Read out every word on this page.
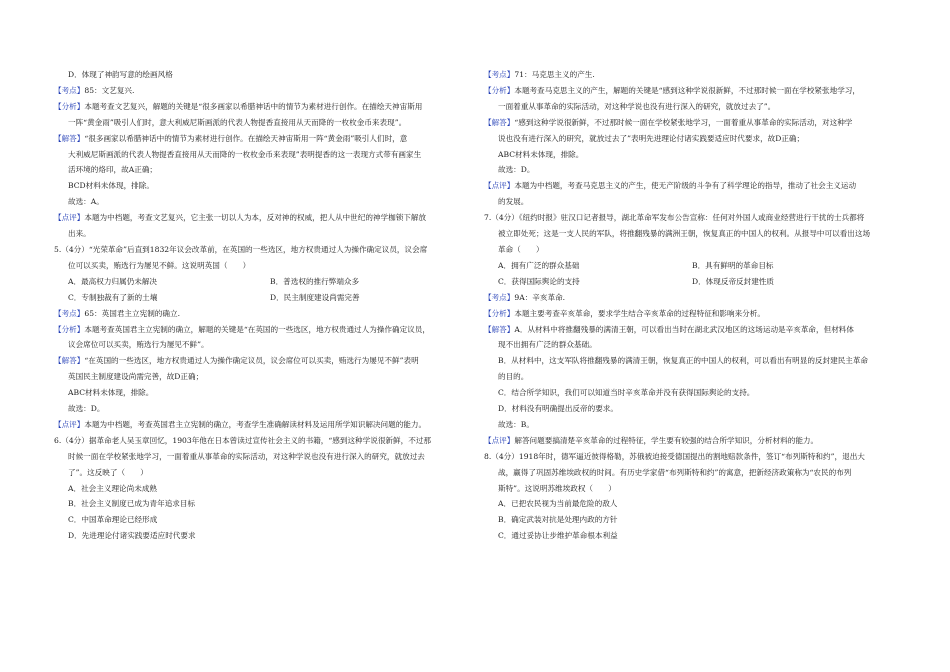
D．体现了神韵写意的绘画风格
【考点】85：文艺复兴.
【分析】本题考查文艺复兴，解题的关键是“很多画家以希腊神话中的情节为素材进行创作。在描绘天神宙斯用
一阵“黄金雨”吸引人们时，意大利威尼斯画派的代表人物提香直接用从天而降的一枚枚金币来表现”。
【解答】“很多画家以希腊神话中的情节为素材进行创作。在描绘天神宙斯用一阵“黄金雨”吸引人们时，意
大利威尼斯画派的代表人物提香直接用从天而降的一枚枚金币来表现”表明提香的这一表现方式带有画家生
活环境的烙印，故A正确；
BCD材料未体现，排除。
故选：A。
【点评】本题为中档题，考查文艺复兴，它主张一切以人为本，反对神的权威，把人从中世纪的神学枷锁下解放
出来。
5.（4分）“光荣革命”后直到1832年议会改革前，在英国的一些选区，地方权贵通过人为操作确定议员，议会席
位可以买卖，贿选行为屡见不鲜。这说明英国（　　）
A．最高权力归属仍未解决	B．普选权的推行弊端众多
C．专制独裁有了新的土壤	D．民主制度建设尚需完善
【考点】65：英国君主立宪制的确立.
【分析】本题考查英国君主立宪制的确立，解题的关键是“在英国的一些选区，地方权贵通过人为操作确定议员，
议会席位可以买卖，贿选行为屡见不鲜”。
【解答】“在英国的一些选区，地方权贵通过人为操作确定议员，议会席位可以买卖，贿选行为屡见不鲜”表明
英国民主制度建设尚需完善，故D正确；
ABC材料未体现，排除。
故选：D。
【点评】本题为中档题，考查英国君主立宪制的确立，考查学生准确解读材料及运用所学知识解决问题的能力。
6.（4分）据革命老人吴玉章回忆，1903年他在日本曾读过宣传社会主义的书籍，“感到这种学说很新鲜，不过那
时候一面在学校紧张地学习，一面着重从事革命的实际活动，对这种学说也没有进行深入的研究，就放过去
了”。这反映了（　　）
A．社会主义理论尚未成熟
B．社会主义制度已成为青年追求目标
C．中国革命理论已经形成
D．先进理论付诸实践要适应时代要求
【考点】71：马克思主义的产生.
【分析】本题考查马克思主义的产生，解题的关键是“感到这种学说很新鲜，不过那时候一面在学校紧张地学习，
一面着重从事革命的实际活动，对这种学说也没有进行深入的研究，就放过去了”。
【解答】“感到这种学说很新鲜，不过那时候一面在学校紧张地学习，一面着重从事革命的实际活动，对这种学
说也没有进行深入的研究，就放过去了”表明先进理论付诸实践要适应时代要求，故D正确；
ABC材料未体现，排除。
故选：D。
【点评】本题为中档题，考查马克思主义的产生，使无产阶级的斗争有了科学理论的指导，推动了社会主义运动
的发展。
7.（4分）《纽约时报》驻汉口记者报导，湖北革命军发布公告宣称：任何对外国人或商业经营进行干扰的士兵都将
被立即处死；这是一支人民的军队，将推翻残暴的满洲王朝，恢复真正的中国人的权利。从报导中可以看出这场
革命（　　）
A．拥有广泛的群众基础	B．具有鲜明的革命目标
C．获得国际舆论的支持	D．体现反帝反封建性质
【考点】9A：辛亥革命.
【分析】本题主要考查辛亥革命，要求学生结合辛亥革命的过程特征和影响来分析。
【解答】A．从材料中将推翻残暴的满清王朝，可以看出当时在湖北武汉地区的这场运动是辛亥革命，但材料体
现不出拥有广泛的群众基础。
B．从材料中，这支军队将推翻残暴的满清王朝，恢复真正的中国人的权利，可以看出有明显的反封建民主革命
的目的。
C．结合所学知识，我们可以知道当时辛亥革命并没有获得国际舆论的支持。
D．材料没有明确提出反帝的要求。
故选：B。
【点评】解答问题要搞清楚辛亥革命的过程特征，学生要有较强的结合所学知识，分析材料的能力。
8.（4分）1918年时，德军逼近彼得格勒，苏俄被迫接受德国提出的割地赔款条件，签订“布列斯特和约”，退出大
战，赢得了巩固苏维埃政权的时间。有历史学家借“布列斯特和约”的寓意，把新经济政策称为“农民的布列
斯特”。这说明苏维埃政权（　　）
A．已把农民视为当前最危险的敌人
B．确定武装对抗是处理内政的方针
C．通过妥协让步维护革命根本利益
